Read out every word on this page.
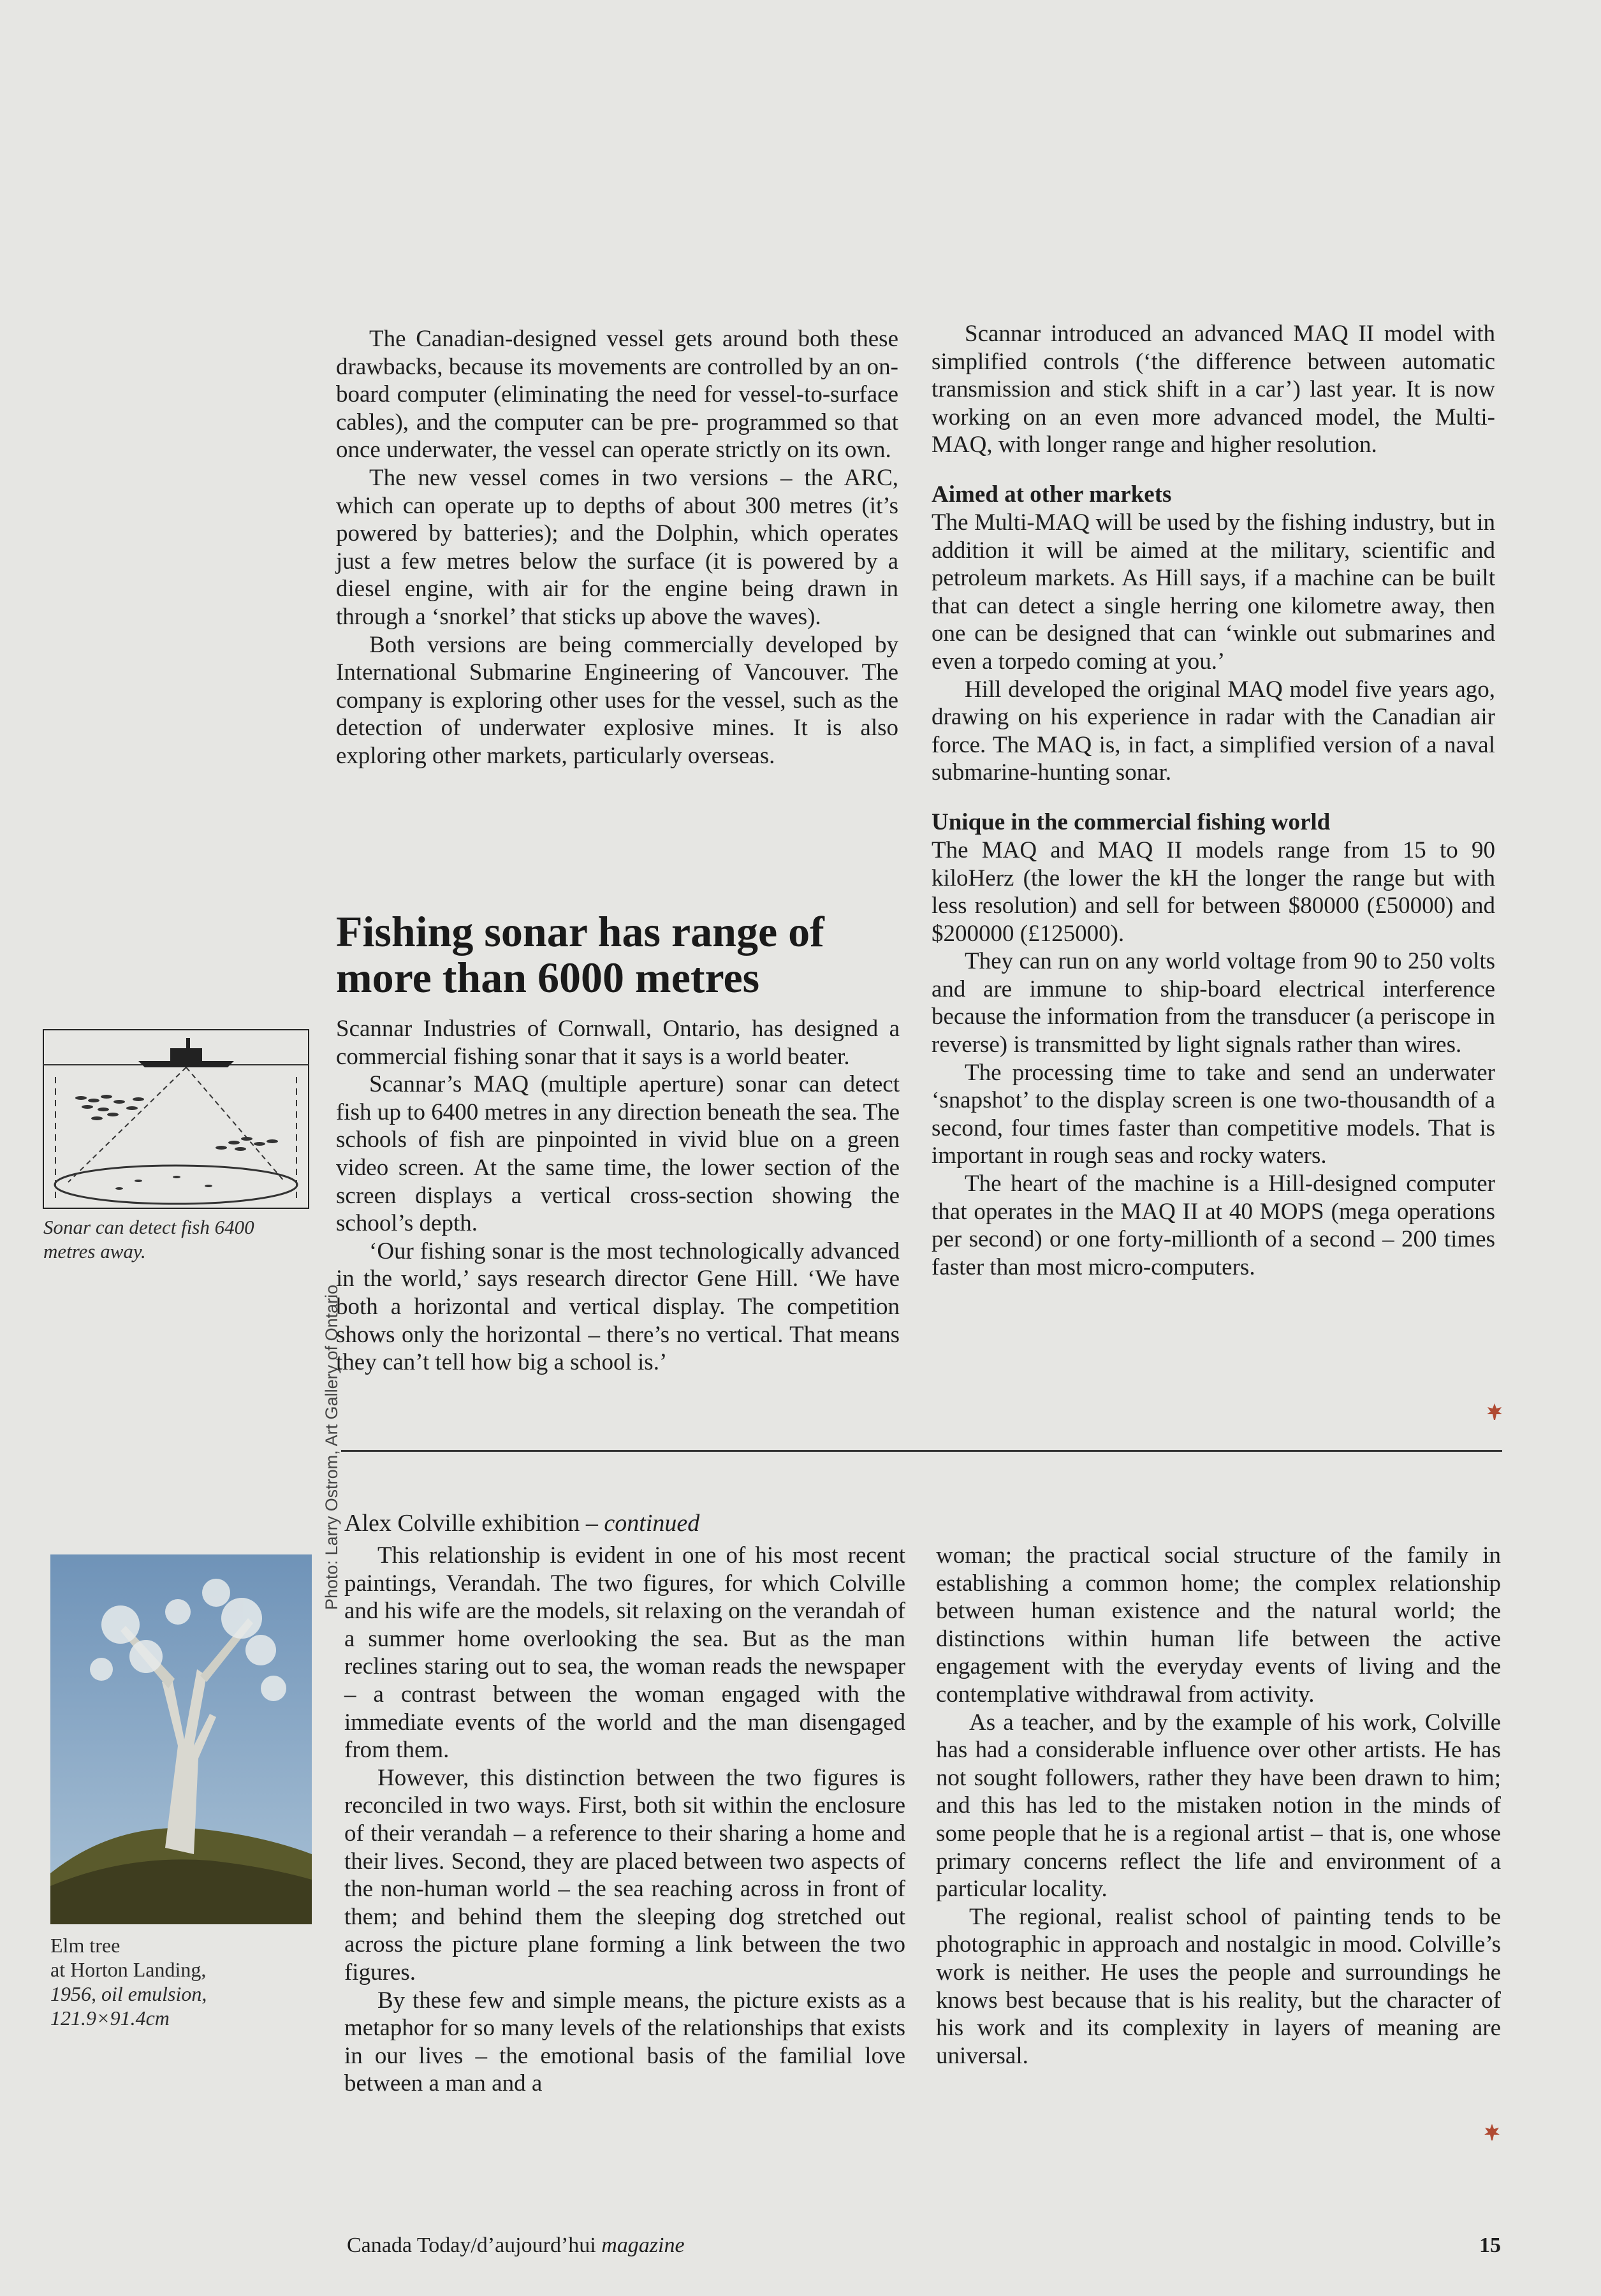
The Canadian-designed vessel gets around both these drawbacks, because its movements are controlled by an on-board computer (eliminating the need for vessel-to-surface cables), and the computer can be pre- programmed so that once underwater, the vessel can operate strictly on its own.

The new vessel comes in two versions – the ARC, which can operate up to depths of about 300 metres (it’s powered by batteries); and the Dolphin, which operates just a few metres below the surface (it is powered by a diesel engine, with air for the engine being drawn in through a ‘snorkel’ that sticks up above the waves).

Both versions are being commercially developed by International Submarine Engineering of Vancouver. The company is exploring other uses for the vessel, such as the detection of underwater explosive mines. It is also exploring other markets, particularly overseas.

Fishing sonar has range of more than 6000 metres
Sonar can detect fish 6400 metres away.

Scannar Industries of Cornwall, Ontario, has designed a commercial fishing sonar that it says is a world beater.

Scannar’s MAQ (multiple aperture) sonar can detect fish up to 6400 metres in any direction beneath the sea. The schools of fish are pinpointed in vivid blue on a green video screen. At the same time, the lower section of the screen displays a vertical cross-section showing the school’s depth.

‘Our fishing sonar is the most technologically advanced in the world,’ says research director Gene Hill. ‘We have both a horizontal and vertical display. The competition shows only the horizontal – there’s no vertical. That means they can’t tell how big a school is.’

Scannar introduced an advanced MAQ II model with simplified controls (‘the difference between automatic transmission and stick shift in a car’) last year. It is now working on an even more advanced model, the Multi-MAQ, with longer range and higher resolution.

Aimed at other markets

The Multi-MAQ will be used by the fishing industry, but in addition it will be aimed at the military, scientific and petroleum markets. As Hill says, if a machine can be built that can detect a single herring one kilometre away, then one can be designed that can ‘winkle out submarines and even a torpedo coming at you.’

Hill developed the original MAQ model five years ago, drawing on his experience in radar with the Canadian air force. The MAQ is, in fact, a simplified version of a naval submarine-hunting sonar.

Unique in the commercial fishing world

The MAQ and MAQ II models range from 15 to 90 kiloHerz (the lower the kH the longer the range but with less resolution) and sell for between $80000 (£50000) and $200000 (£125000).

They can run on any world voltage from 90 to 250 volts and are immune to ship-board electrical interference because the information from the transducer (a periscope in reverse) is transmitted by light signals rather than wires.

The processing time to take and send an underwater ‘snapshot’ to the display screen is one two-thousandth of a second, four times faster than competitive models. That is important in rough seas and rocky waters.

The heart of the machine is a Hill-designed computer that operates in the MAQ II at 40 MOPS (mega operations per second) or one forty-millionth of a second – 200 times faster than most micro-computers.

Alex Colville exhibition – continued
Photo: Larry Ostrom, Art Gallery of Ontario
Elm tree
at Horton Landing,
1956, oil emulsion,
121.9×91.4cm

This relationship is evident in one of his most recent paintings, Verandah. The two figures, for which Colville and his wife are the models, sit relaxing on the verandah of a summer home overlooking the sea. But as the man reclines staring out to sea, the woman reads the newspaper – a contrast between the woman engaged with the immediate events of the world and the man disengaged from them.

However, this distinction between the two figures is reconciled in two ways. First, both sit within the enclosure of their verandah – a reference to their sharing a home and their lives. Second, they are placed between two aspects of the non-human world – the sea reaching across in front of them; and behind them the sleeping dog stretched out across the picture plane forming a link between the two figures.

By these few and simple means, the picture exists as a metaphor for so many levels of the relationships that exists in our lives – the emotional basis of the familial love between a man and a

woman; the practical social structure of the family in establishing a common home; the complex relationship between human existence and the natural world; the distinctions within human life between the active engagement with the everyday events of living and the contemplative withdrawal from activity.

As a teacher, and by the example of his work, Colville has had a considerable influence over other artists. He has not sought followers, rather they have been drawn to him; and this has led to the mistaken notion in the minds of some people that he is a regional artist – that is, one whose primary concerns reflect the life and environment of a particular locality.

The regional, realist school of painting tends to be photographic in approach and nostalgic in mood. Colville’s work is neither. He uses the people and surroundings he knows best because that is his reality, but the character of his work and its complexity in layers of meaning are universal.

Canada Today/d’aujourd’hui magazine	15
